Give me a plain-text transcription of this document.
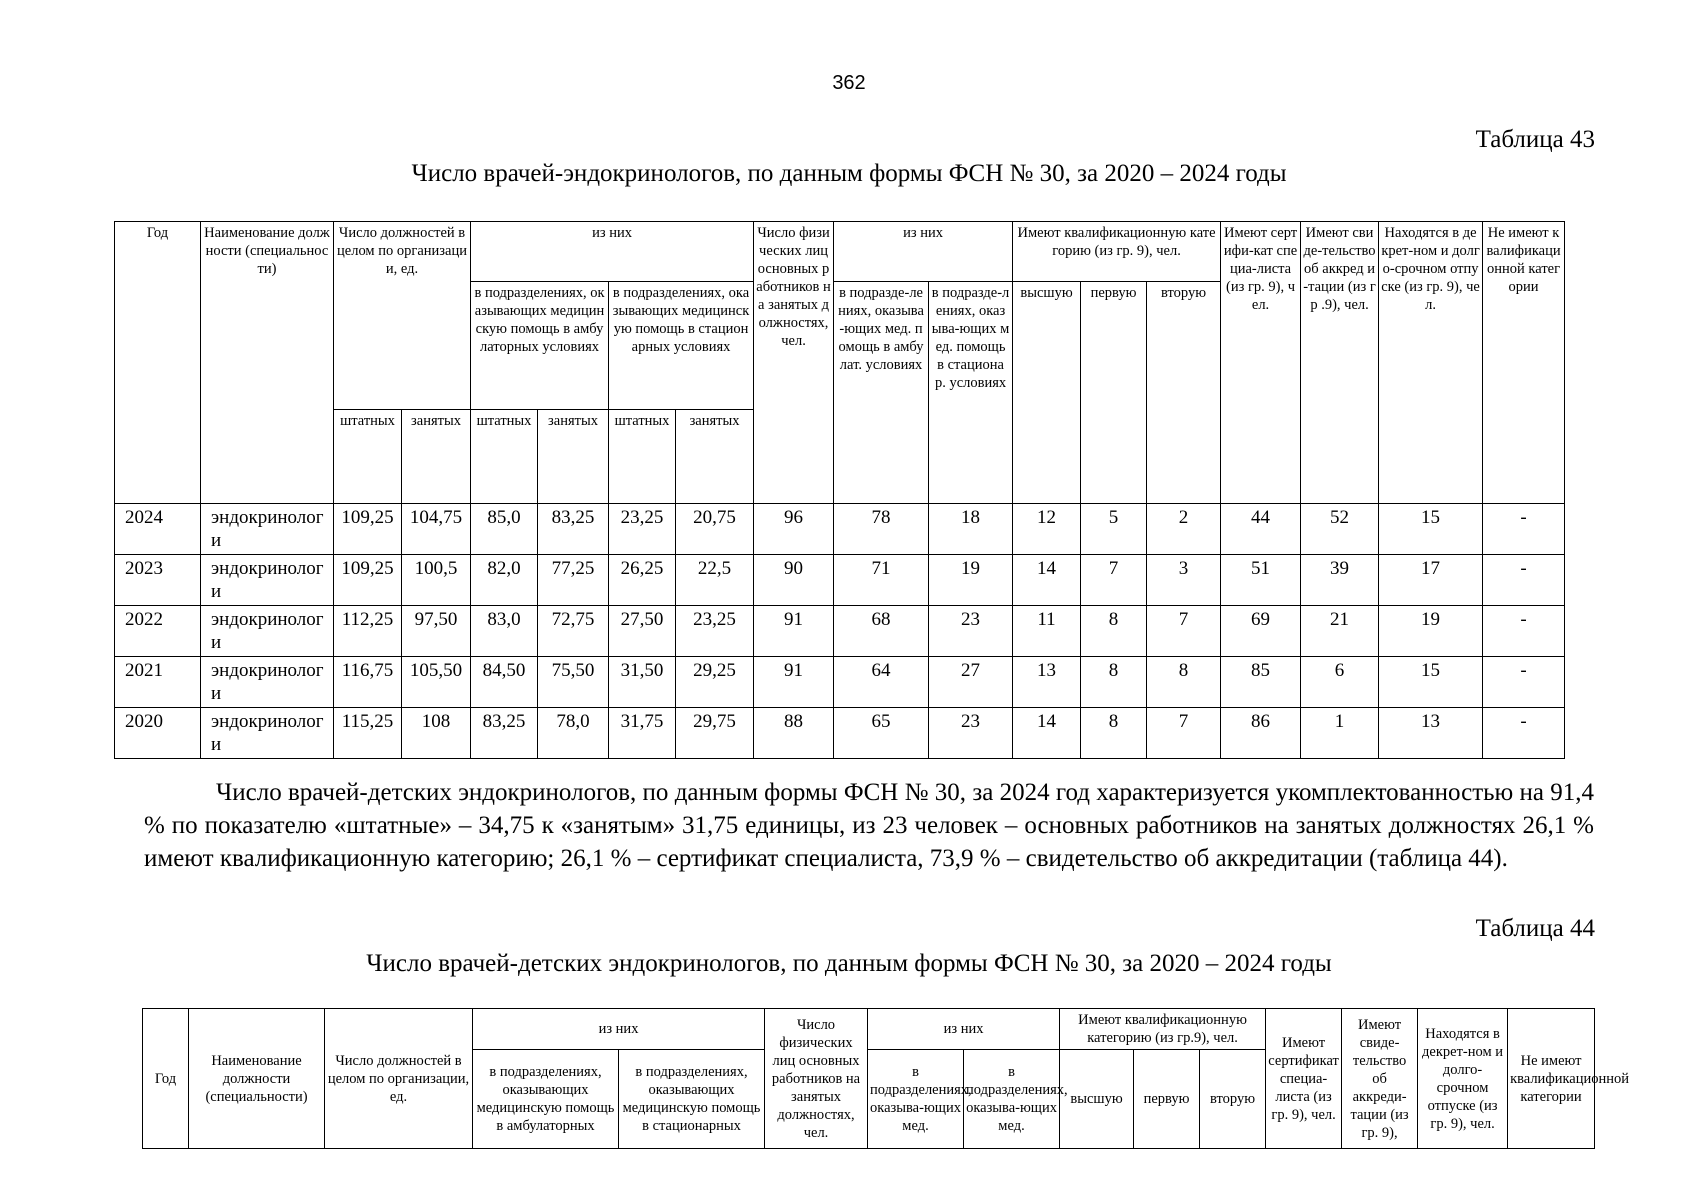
362
Таблица 43
Число врачей-эндокринологов, по данным формы ФСН № 30, за 2020 – 2024 годы
Год	Наименование должности (специальности)	Число должностей в целом по организации, ед.		из них				Число физических лиц основных работников на занятых должностях, чел.	из них		Имеют квалификационную категорию (из гр. 9), чел.			Имеют сертифи-кат специа-листа (из гр. 9), чел.	Имеют свиде-тельство об аккред и-тации (из гр .9), чел.	Находятся в декрет-ном и долго-срочном отпуске (из гр. 9), чел.	Не имеют квалификационной категории
				в подразделениях, оказывающих медицинскую помощь в амбулаторных условиях		в подразделениях, оказывающих медицинскую помощь в стационарных условиях			в подразде-лениях, оказыва-ющих мед. помощь в амбулат. условиях	в подразде-лениях, оказыва-ющих мед. помощь в стациона р. условиях	высшую	первую	вторую				
		штатных	занятых	штатных	занятых	штатных	занятых										
2024	эндокринологи	109,25	104,75	85,0	83,25	23,25	20,75	96	78	18	12	5	2	44	52	15	-
2023	эндокринологи	109,25	100,5	82,0	77,25	26,25	22,5	90	71	19	14	7	3	51	39	17	-
2022	эндокринологи	112,25	97,50	83,0	72,75	27,50	23,25	91	68	23	11	8	7	69	21	19	-
2021	эндокринологи	116,75	105,50	84,50	75,50	31,50	29,25	91	64	27	13	8	8	85	6	15	-
2020	эндокринологи	115,25	108	83,25	78,0	31,75	29,75	88	65	23	14	8	7	86	1	13	-

Число врачей-детских эндокринологов, по данным формы ФСН № 30, за 2024 год характеризуется укомплектованностью на 91,4 % по показателю «штатные» – 34,75 к «занятым» 31,75 единицы, из 23 человек – основных работников на занятых должностях 26,1 % имеют квалификационную категорию; 26,1 % – сертификат специалиста, 73,9 % – свидетельство об аккредитации (таблица 44).

Таблица 44
Число врачей-детских эндокринологов, по данным формы ФСН № 30, за 2020 – 2024 годы
Год	Наименование должности (специальности)	Число должностей в целом по организации, ед.	из них		Число физических лиц основных работников на занятых должностях, чел.	из них		Имеют квалификационную категорию (из гр.9), чел.			Имеют сертификат специа-листа (из гр. 9), чел.	Имеют свиде-тельство об аккреди-тации (из гр. 9),	Находятся в декрет-ном и долго-срочном отпуске (из гр. 9), чел.	Не имеют квалификационной категории
			в подразделениях, оказывающих медицинскую помощь в амбулаторных	в подразделениях, оказывающих медицинскую помощь в стационарных		в подразделениях, оказыва-ющих мед.	в подразделениях, оказыва-ющих мед.	высшую	первую	вторую				
